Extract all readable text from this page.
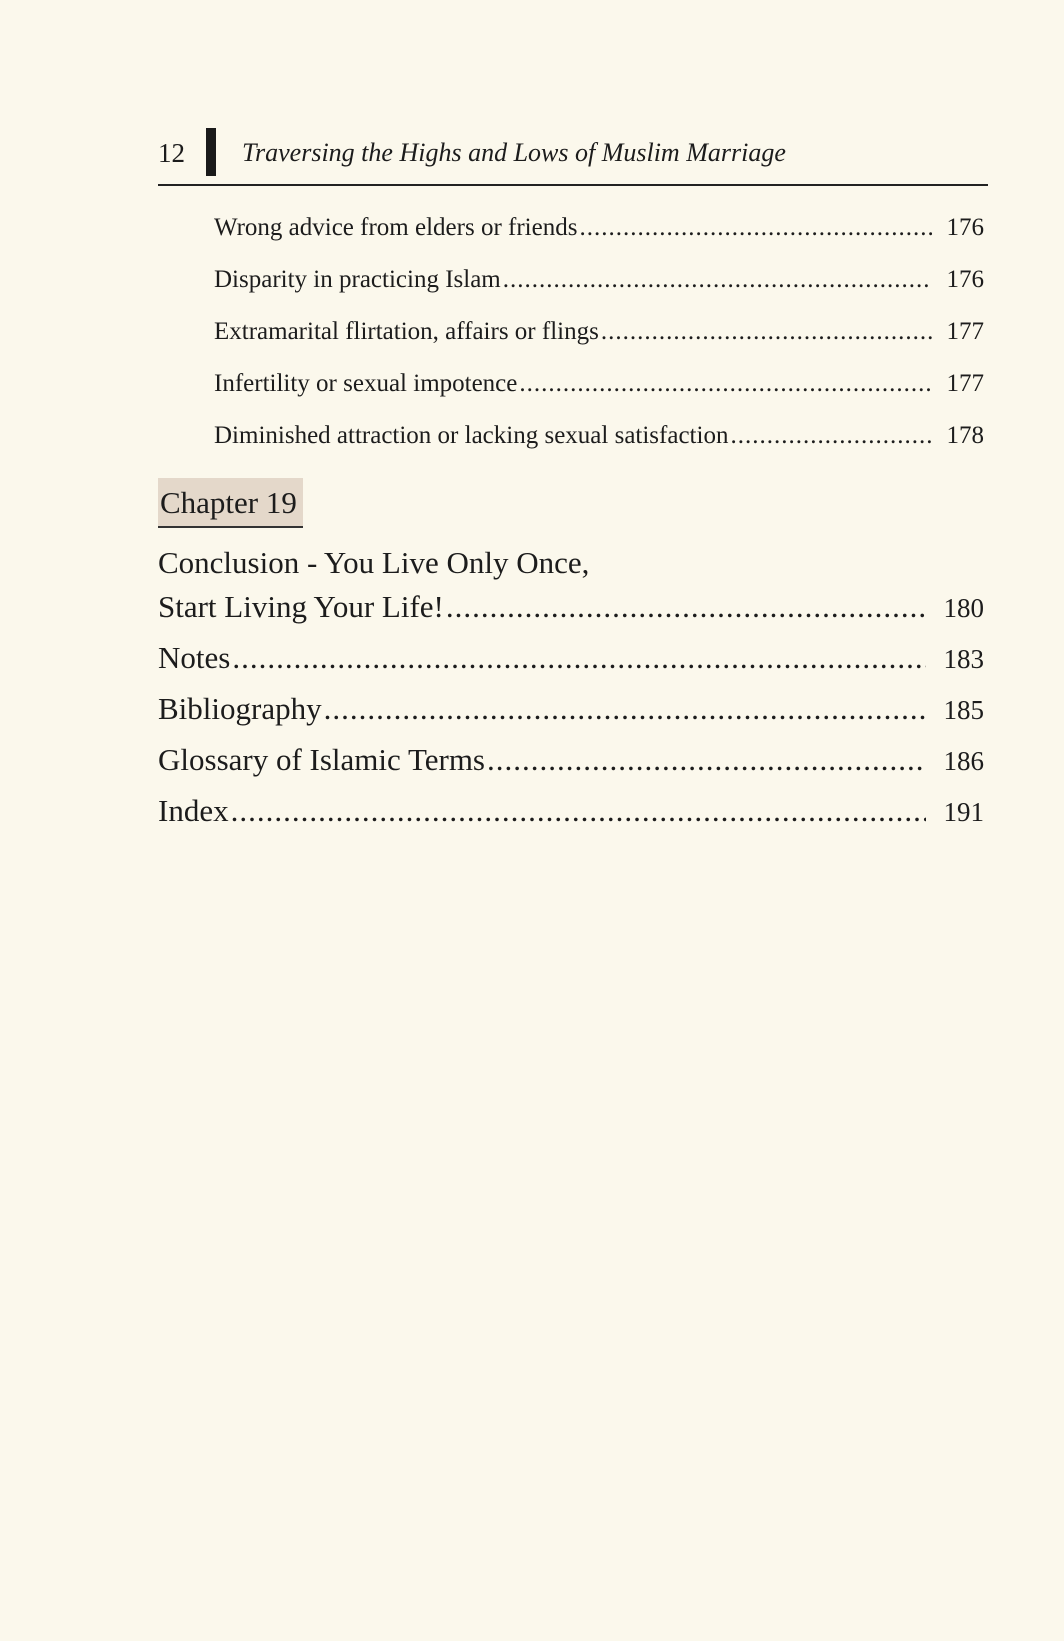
12 Traversing the Highs and Lows of Muslim Marriage
Wrong advice from elders or friends .....	176
Disparity in practicing Islam .....	176
Extramarital flirtation, affairs or flings .....	177
Infertility or sexual impotence .....	177
Diminished attraction or lacking sexual satisfaction .....	178
Chapter 19
Conclusion - You Live Only Once,
Start Living Your Life! .....	180
Notes .....	183
Bibliography .....	185
Glossary of Islamic Terms .....	186
Index .....	191
